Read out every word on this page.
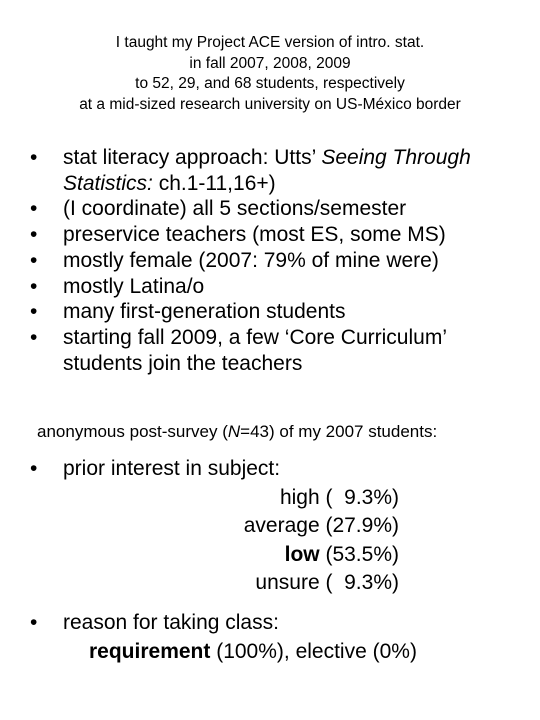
I taught my Project ACE version of intro. stat.
in fall 2007, 2008, 2009
to 52, 29, and 68 students, respectively
at a mid-sized research university on US-México border
• stat literacy approach: Utts’ Seeing Through Statistics: ch.1-11,16+)
• (I coordinate) all 5 sections/semester
• preservice teachers (most ES, some MS)
• mostly female (2007: 79% of mine were)
• mostly Latina/o
• many first-generation students
• starting fall 2009, a few ‘Core Curriculum’ students join the teachers
anonymous post-survey (N=43) of my 2007 students:
• prior interest in subject:
high (  9.3%)
average (27.9%)
low (53.5%)
unsure (  9.3%)
• reason for taking class:
requirement (100%), elective (0%)
